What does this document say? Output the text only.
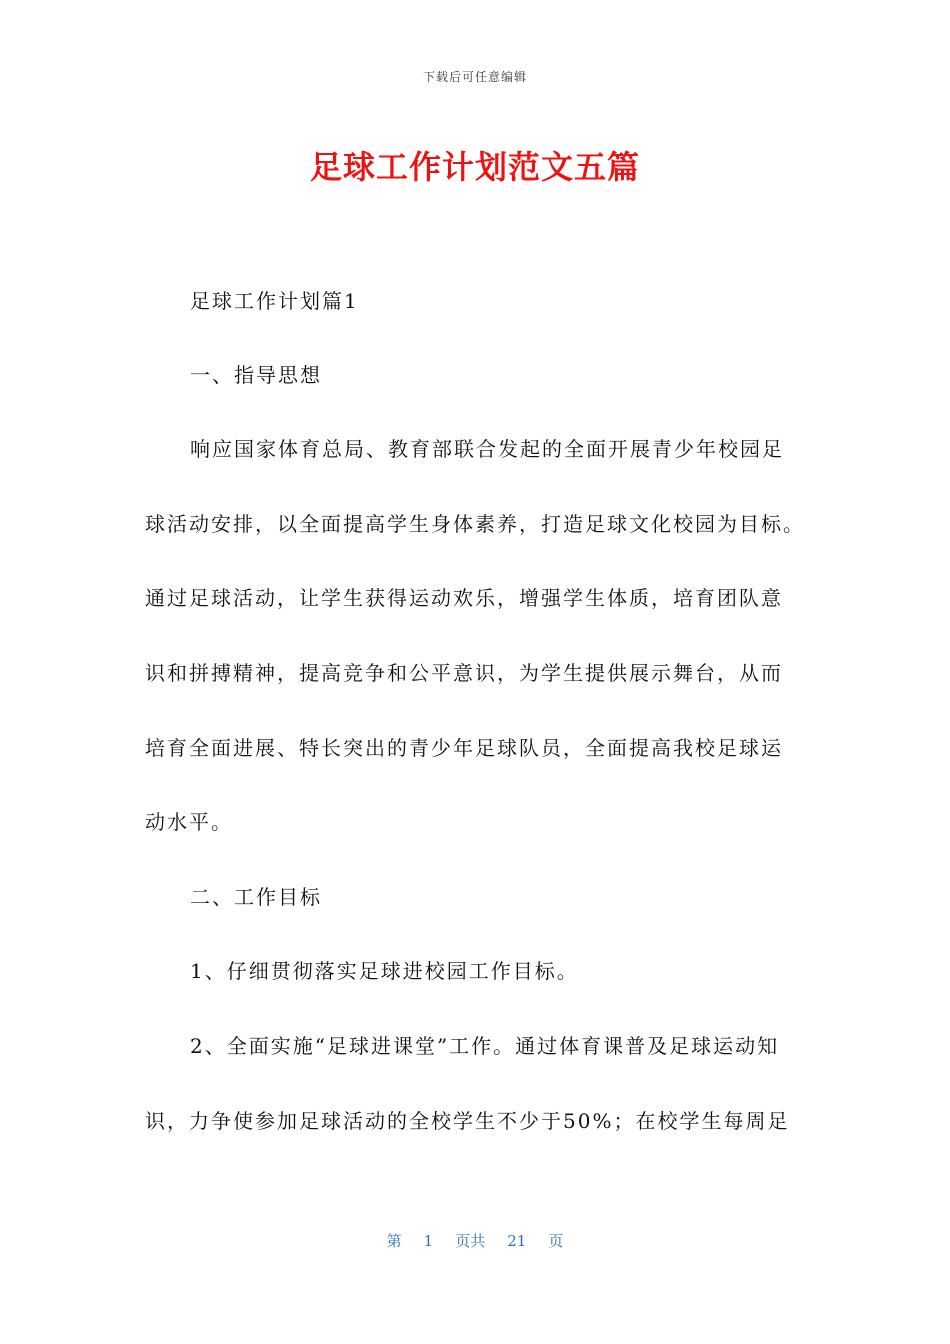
下载后可任意编辑
足球工作计划范文五篇
足球工作计划篇1
一、指导思想
响应国家体育总局、教育部联合发起的全面开展青少年校园足
球活动安排，以全面提高学生身体素养，打造足球文化校园为目标。
通过足球活动，让学生获得运动欢乐，增强学生体质，培育团队意
识和拼搏精神，提高竞争和公平意识，为学生提供展示舞台，从而
培育全面进展、特长突出的青少年足球队员，全面提高我校足球运
动水平。
二、工作目标
1、仔细贯彻落实足球进校园工作目标。
2、全面实施“足球进课堂”工作。通过体育课普及足球运动知
识，力争使参加足球活动的全校学生不少于50%；在校学生每周足
第 1 页共 21 页
